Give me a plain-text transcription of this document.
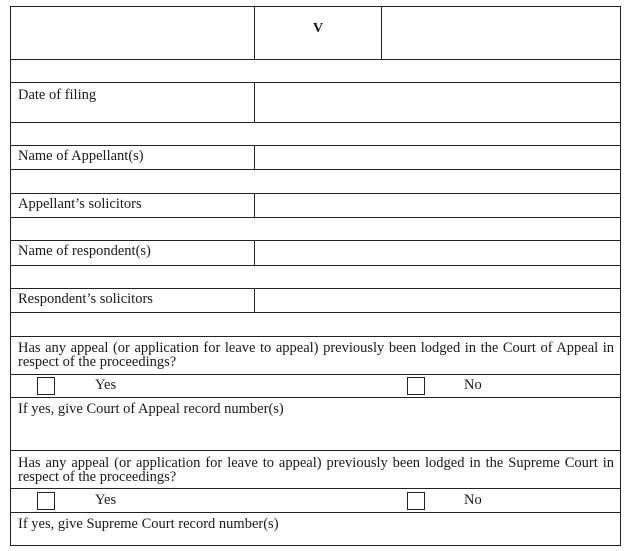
V
Date of filing
Name of Appellant(s)
Appellant’s solicitors
Name of respondent(s)
Respondent’s solicitors
Has any appeal (or application for leave to appeal) previously been lodged in the Court of Appeal in respect of the proceedings?
Yes	No
If yes, give Court of Appeal record number(s)
Has any appeal (or application for leave to appeal) previously been lodged in the Supreme Court in respect of the proceedings?
Yes	No
If yes, give Supreme Court record number(s)
